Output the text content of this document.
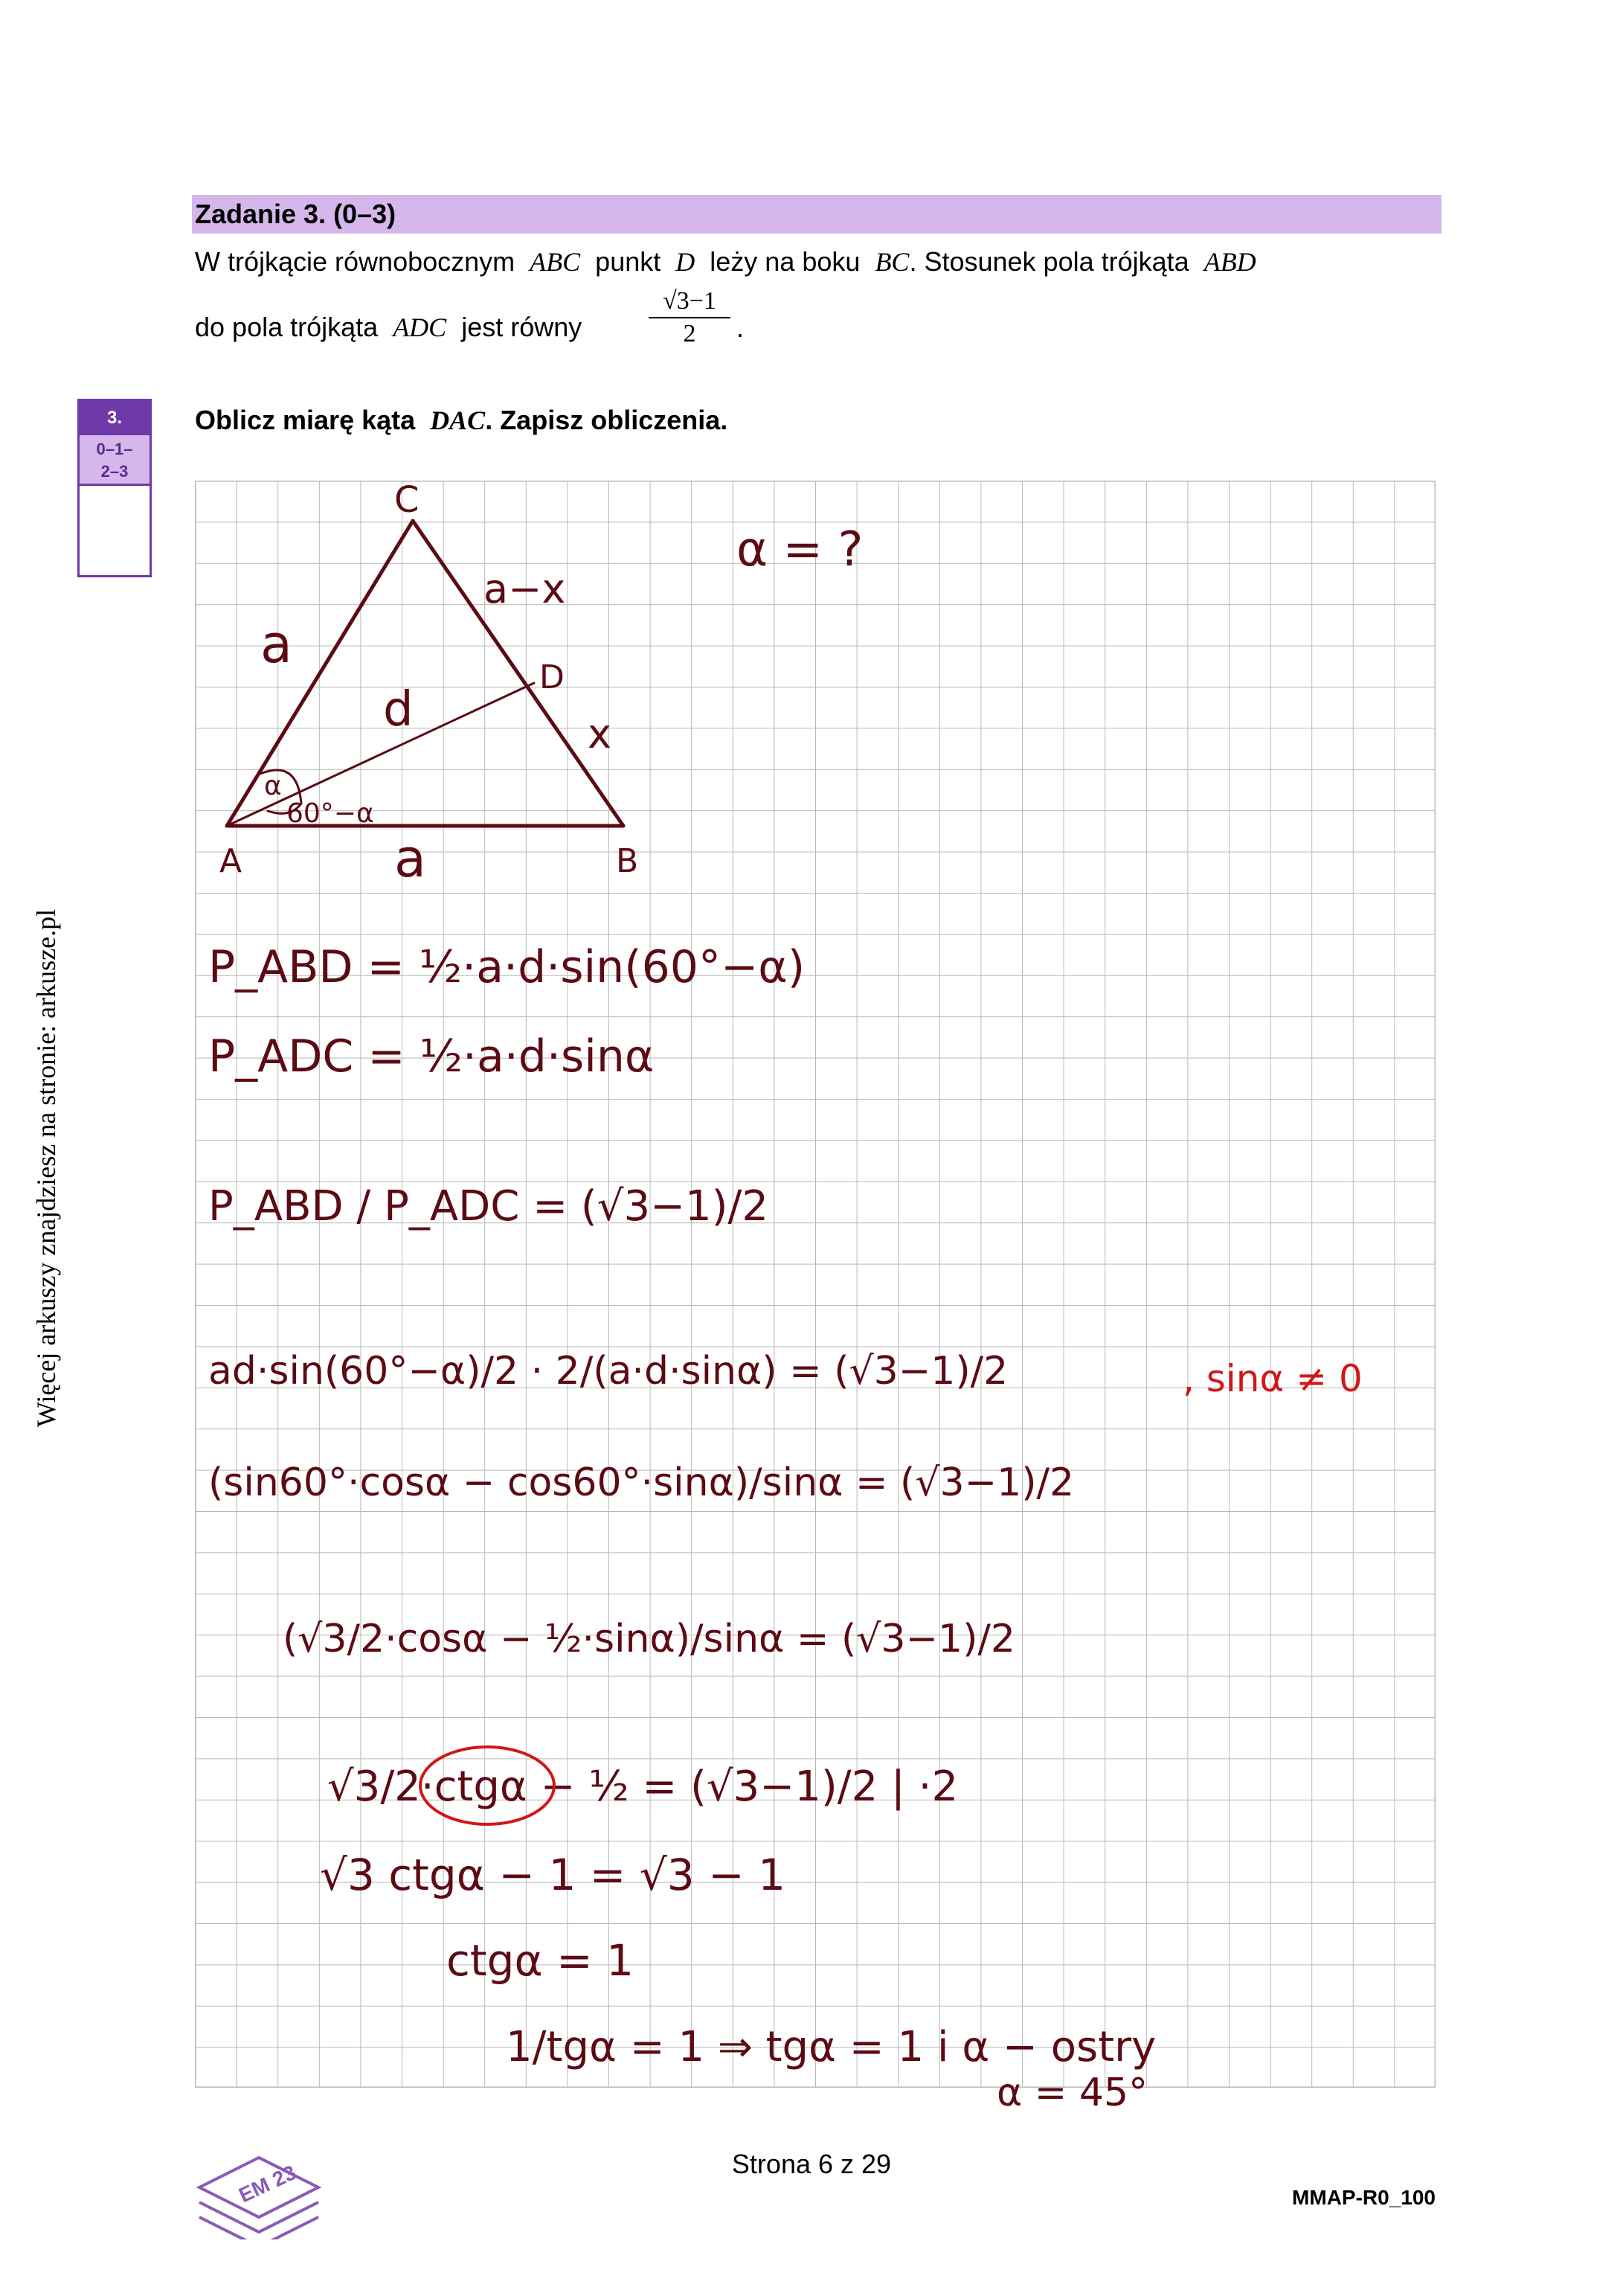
Więcej arkuszy znajdziesz na stronie: arkusze.pl
Zadanie 3. (0–3)
W trójkącie równobocznym ABC punkt D leży na boku BC. Stosunek pola trójkąta ABD
do pola trójkąta ADC jest równy	$\frac{√3-1}{2}$ .
3.
0–1–
2–3
Oblicz miarę kąta DAC. Zapisz obliczenia.
C
α = ?
a−x
a
D
d	x
α
60°−α
A	a	B
P_ABD = ½·a·d·sin(60°−α)
P_ADC = ½·a·d·sinα
P_ABD / P_ADC = (√3−1)/2
ad·sin(60°−α)/2 · 2/(a·d·sinα) = (√3−1)/2
(sin60°·cosα − cos60°·sinα)/sinα = (√3−1)/2
(√3/2·cosα − ½·sinα)/sinα = (√3−1)/2
√3/2·ctgα − ½ = (√3−1)/2 | ·2
√3 ctgα − 1 = √3 − 1
ctgα = 1
1/tgα = 1 ⇒ tgα = 1 i α − ostry
α = 45°
, sinα ≠ 0
EM 23	Strona 6 z 29
MMAP-R0_100
